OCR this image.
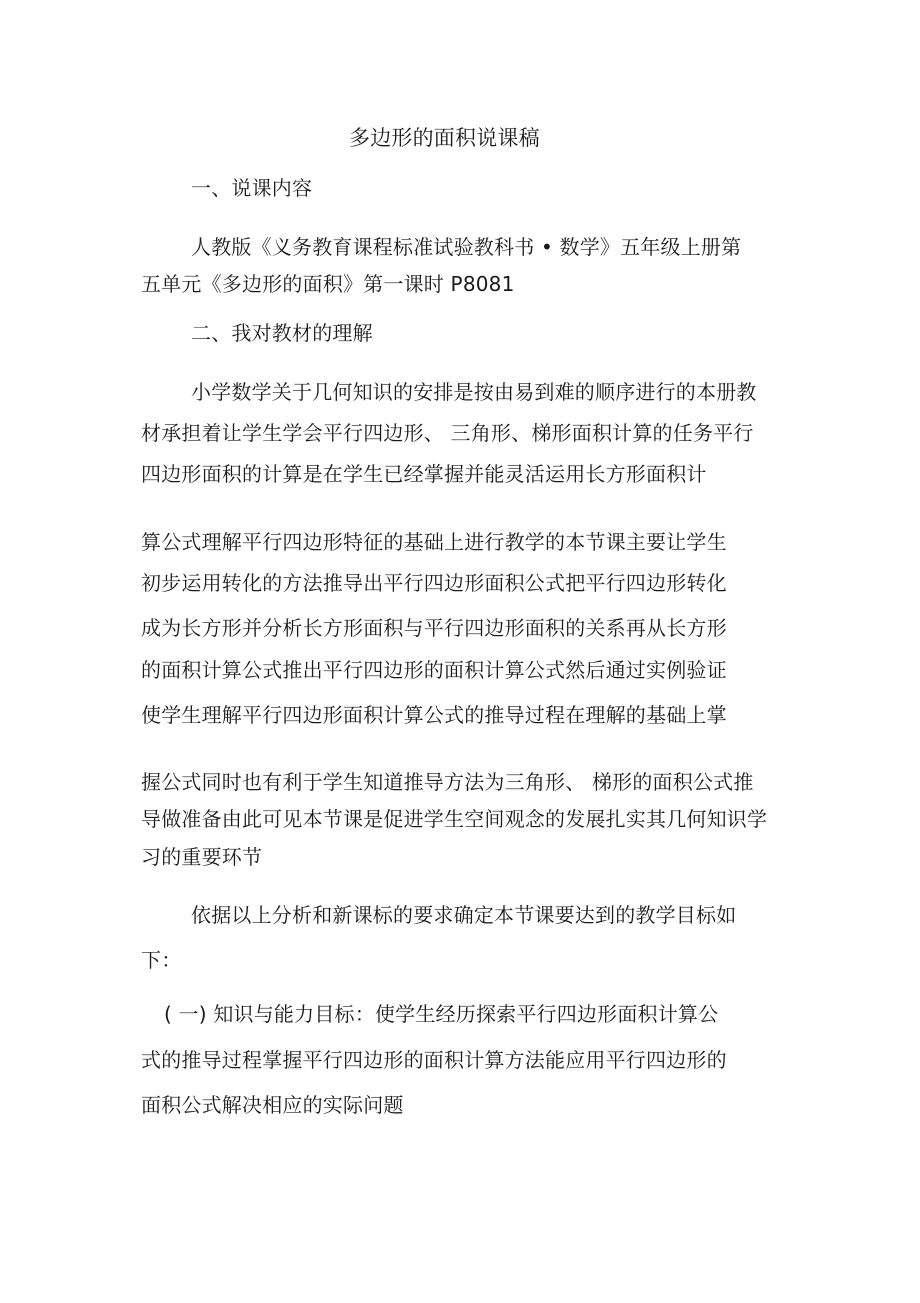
多边形的面积说课稿
一、说课内容
人教版《义务教育课程标准试验教科书 • 数学》五年级上册第
五单元《多边形的面积》第一课时 P8081
二、我对教材的理解
小学数学关于几何知识的安排是按由易到难的顺序进行的本册教
材承担着让学生学会平行四边形、 三角形、梯形面积计算的任务平行
四边形面积的计算是在学生已经掌握并能灵活运用长方形面积计
算公式理解平行四边形特征的基础上进行教学的本节课主要让学生
初步运用转化的方法推导出平行四边形面积公式把平行四边形转化
成为长方形并分析长方形面积与平行四边形面积的关系再从长方形
的面积计算公式推出平行四边形的面积计算公式然后通过实例验证
使学生理解平行四边形面积计算公式的推导过程在理解的基础上掌
握公式同时也有利于学生知道推导方法为三角形、 梯形的面积公式推
导做准备由此可见本节课是促进学生空间观念的发展扎实其几何知识学
习的重要环节
依据以上分析和新课标的要求确定本节课要达到的教学目标如
下：
( 一) 知识与能力目标：使学生经历探索平行四边形面积计算公
式的推导过程掌握平行四边形的面积计算方法能应用平行四边形的
面积公式解决相应的实际问题
